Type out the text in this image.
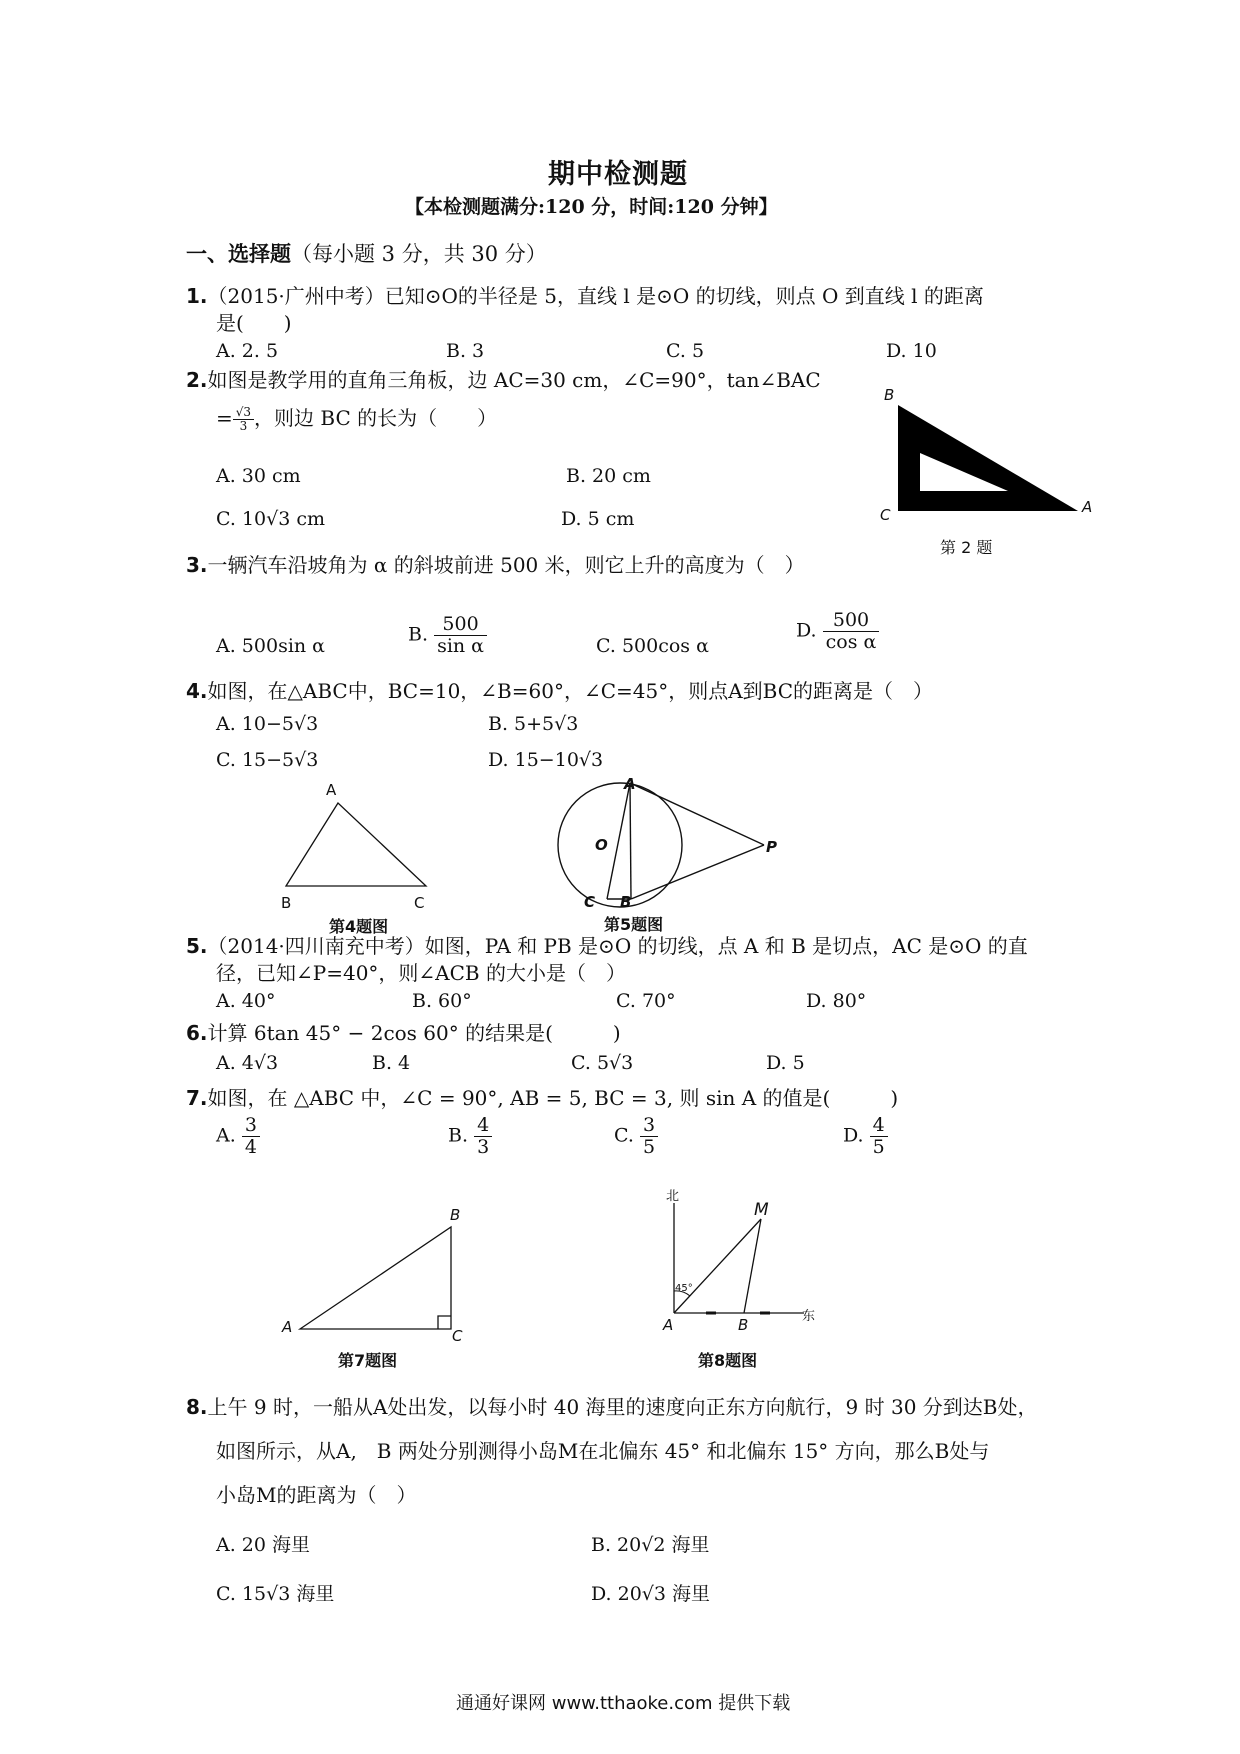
期中检测题
【本检测题满分:120 分，时间:120 分钟】
一、选择题（每小题 3 分，共 30 分）
1.（2015·广州中考）已知⊙O的半径是 5，直线 l 是⊙O 的切线，则点 O 到直线 l 的距离
是(　　)
A. 2. 5	B. 3	C. 5	D. 10
2.如图是教学用的直角三角板，边 AC=30 cm，∠C=90°，tan∠BAC
= $\frac{√3}{3}$ ，则边 BC 的长为（　　）
A. 30 cm	B. 20 cm
C. 10√3 cm	D. 5 cm
B
C	A
第 2 题
3.一辆汽车沿坡角为 α 的斜坡前进 500 米，则它上升的高度为（　）
A. 500sin α
B. $\frac{500}{\text{sin α}}$	C. 500cos α
D. $\frac{500}{\text{cos α}}$
4.如图，在△ABC中，BC=10，∠B=60°，∠C=45°，则点A到BC的距离是（　）
A. 10−5√3	B. 5+5√3
C. 15−5√3	D. 15−10√3
A
B	C
第4题图
A
O
C B
P
第5题图
5.（2014·四川南充中考）如图，PA 和 PB 是⊙O 的切线，点 A 和 B 是切点，AC 是⊙O 的直
径，已知∠P=40°，则∠ACB 的大小是（　）
A. 40°	B. 60°	C. 70°	D. 80°
6.计算 6tan 45° − 2cos 60° 的结果是(　　　)
A. 4√3	B. 4	C. 5√3	D. 5
7.如图，在 △ABC 中，∠C = 90°, AB = 5, BC = 3, 则 sin A 的值是(　　　)
A. $\frac{3}{4}$	B. $\frac{4}{3}$	C. $\frac{3}{5}$	D. $\frac{4}{5}$
A
B
C
第7题图
北
东
M
A	B
45°
第8题图
8.上午 9 时，一船从A处出发，以每小时 40 海里的速度向正东方向航行，9 时 30 分到达B处，
如图所示，从A,　B 两处分别测得小岛M在北偏东 45° 和北偏东 15° 方向，那么B处与
小岛M的距离为（　）
A. 20 海里	B. 20√2 海里
C. 15√3 海里	D. 20√3 海里
通通好课网 www.tthaoke.com 提供下载
